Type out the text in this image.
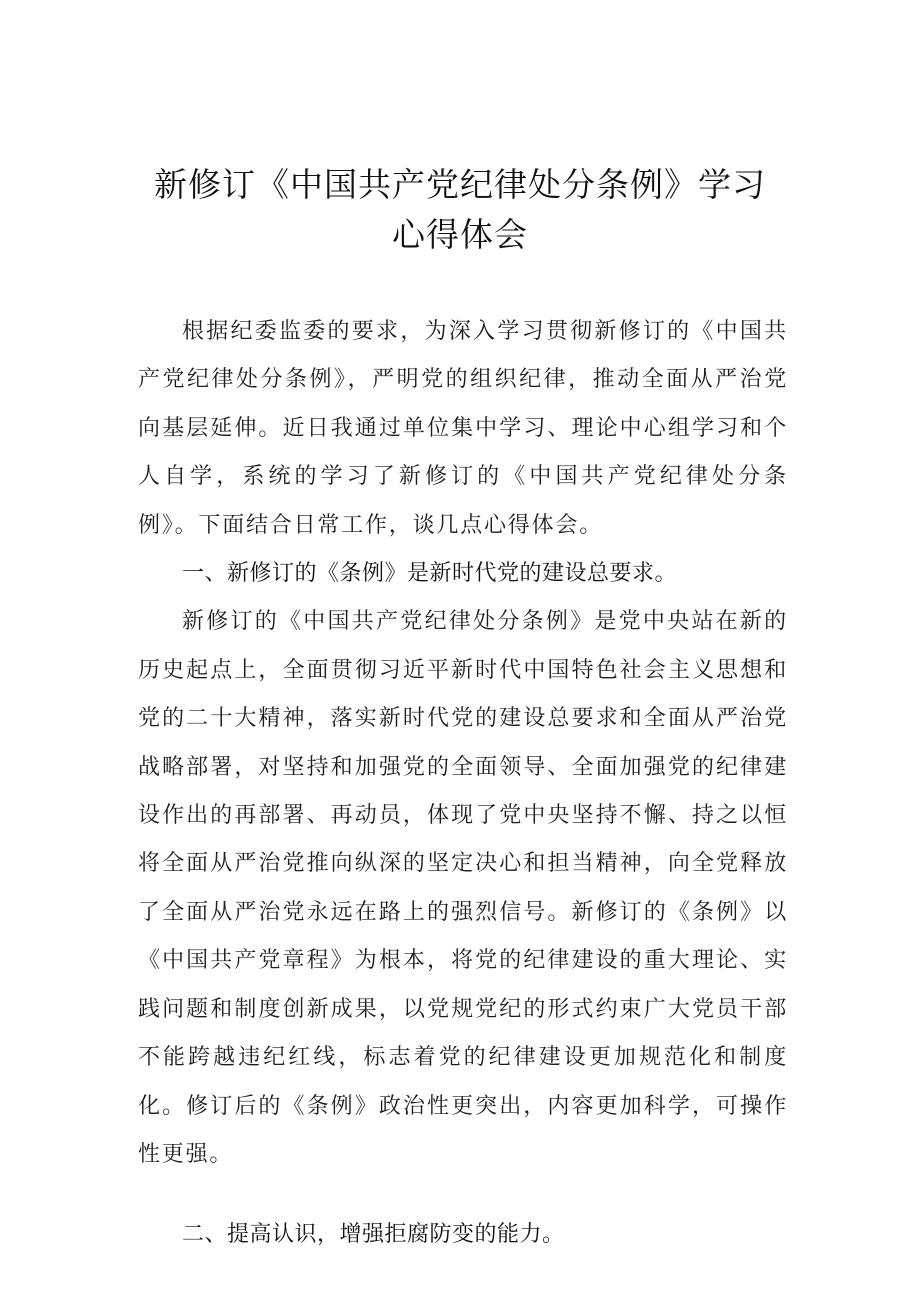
新修订《中国共产党纪律处分条例》学习
心得体会

根据纪委监委的要求，为深入学习贯彻新修订的《中国共产党纪律处分条例》，严明党的组织纪律，推动全面从严治党向基层延伸。近日我通过单位集中学习、理论中心组学习和个人自学，系统的学习了新修订的《中国共产党纪律处分条例》。下面结合日常工作，谈几点心得体会。

一、新修订的《条例》是新时代党的建设总要求。

新修订的《中国共产党纪律处分条例》是党中央站在新的历史起点上，全面贯彻习近平新时代中国特色社会主义思想和党的二十大精神，落实新时代党的建设总要求和全面从严治党战略部署，对坚持和加强党的全面领导、全面加强党的纪律建设作出的再部署、再动员，体现了党中央坚持不懈、持之以恒将全面从严治党推向纵深的坚定决心和担当精神，向全党释放了全面从严治党永远在路上的强烈信号。新修订的《条例》以《中国共产党章程》为根本，将党的纪律建设的重大理论、实践问题和制度创新成果，以党规党纪的形式约束广大党员干部不能跨越违纪红线，标志着党的纪律建设更加规范化和制度化。修订后的《条例》政治性更突出，内容更加科学，可操作性更强。

二、提高认识，增强拒腐防变的能力。
